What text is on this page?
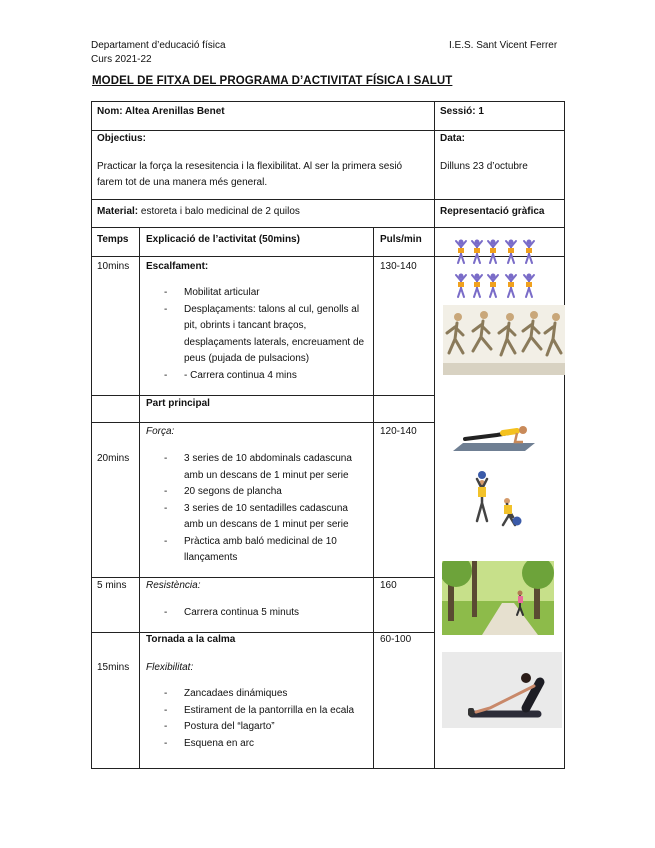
Departament d’educació física
Curs 2021-22
I.E.S. Sant Vicent Ferrer
MODEL DE FITXA DEL PROGRAMA D’ACTIVITAT FÍSICA I SALUT
Nom: Altea Arenillas Benet	Sessió: 1
Objectius:
Practicar la força la resesitencia i la flexibilitat. Al ser la primera sesió farem tot de una manera més general.
Data:
Dilluns 23 d’octubre
Material: estoreta i balo medicinal de 2 quilos	Representació gràfica
Temps Explicació de l’activitat (50mins)	Puls/min
10mins Escalfament:	130-140
- Mobilitat articular
- Desplaçaments: talons al cul, genolls al pit, obrints i tancant braços, desplaçaments laterals, encreuament de peus (pujada de pulsacions)
- - Carrera continua 4 mins
Part principal
Força:	120-140
20mins
-	3 series de 10 abdominals cadascuna amb un descans de 1 minut per serie
- 20 segons de plancha
- 3 series de 10 sentadilles cadascuna amb un descans de 1 minut per serie
- Pràctica amb baló medicinal de 10 llançaments
5 mins Resistència:	160
- Carrera continua 5 minuts
Tornada a la calma	60-100
15mins Flexibilitat:
- Zancadaes dinámiques
- Estirament de la pantorrilla en la ecala
- Postura del “lagarto”
- Esquena en arc
